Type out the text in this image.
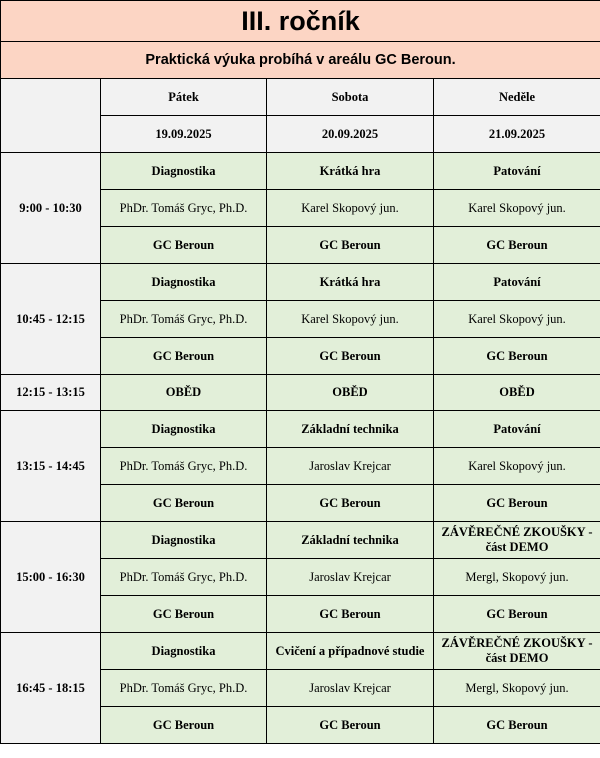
III. ročník			
Praktická výuka probíhá v areálu GC Beroun.			
	Pátek	Sobota	Neděle
	19.09.2025	20.09.2025	21.09.2025
9:00 - 10:30	Diagnostika	Krátká hra	Patování
	PhDr. Tomáš Gryc, Ph.D.	Karel Skopový jun.	Karel Skopový jun.
	GC Beroun	GC Beroun	GC Beroun
10:45 - 12:15	Diagnostika	Krátká hra	Patování
	PhDr. Tomáš Gryc, Ph.D.	Karel Skopový jun.	Karel Skopový jun.
	GC Beroun	GC Beroun	GC Beroun
12:15 - 13:15	OBĚD	OBĚD	OBĚD
13:15 - 14:45	Diagnostika	Základní technika	Patování
	PhDr. Tomáš Gryc, Ph.D.	Jaroslav Krejcar	Karel Skopový jun.
	GC Beroun	GC Beroun	GC Beroun
15:00 - 16:30	Diagnostika	Základní technika	ZÁVĚREČNÉ ZKOUŠKY - část DEMO
	PhDr. Tomáš Gryc, Ph.D.	Jaroslav Krejcar	Mergl, Skopový jun.
	GC Beroun	GC Beroun	GC Beroun
16:45 - 18:15	Diagnostika	Cvičení a případnové studie	ZÁVĚREČNÉ ZKOUŠKY - část DEMO
	PhDr. Tomáš Gryc, Ph.D.	Jaroslav Krejcar	Mergl, Skopový jun.
	GC Beroun	GC Beroun	GC Beroun
